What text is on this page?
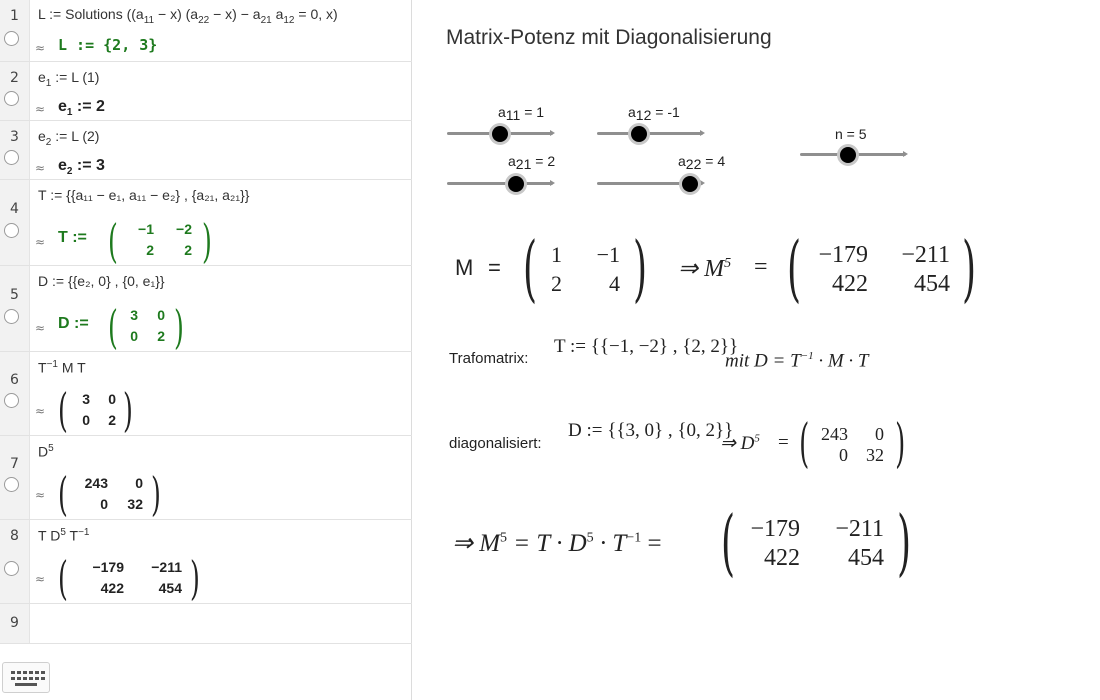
1 L := Solutions ($(a_{11} - x) (a_{22} - x) - a_{21}$ $a_{12} = 0$, x)
≈ L := {2, 3}
2 $e_1$ := L (1)
≈ $e_1$ := 2
3 $e_2$ := L (2)
≈ $e_2$ := 3
4
T := {{a₁₁ − e₁, a₁₁ − e₂} , {a₂₁, a₂₁}}
≈ T := (	−1	−2
2	2 )
5
D := {{e₂, 0} , {0, e₁}}
≈ D := ( 3	0
0	2 )
6
$T^{-1}$ M T
≈ (	3	0
0	2 )
7
$D^5$
≈ (	243	0
0	32 )
8 T $D^5$ $T^{-1}$
≈ (	−179	−211
422	454 )
9
Matrix-Potenz mit Diagonalisierung
$a_{11} = 1$	$a_{12} = -1$
n = 5
$a_{21} = 2$	$a_{22} = 4$
M = ( 1	−1
2	4 ) ⇒ $M^5$ = ( −179	−211
422	454 )
Trafomatrix:
T := {{−1, −2} , {2, 2}}
mit $D = T^{-1} \cdot M \cdot T$
diagonalisiert:
D := {{3, 0} , {0, 2}}
⇒ $D^5$ = ( 243	0
0	32 )
⇒ $M^5 = T \cdot D^5 \cdot T^{-1}$ = ( −179	−211
422	454 )
